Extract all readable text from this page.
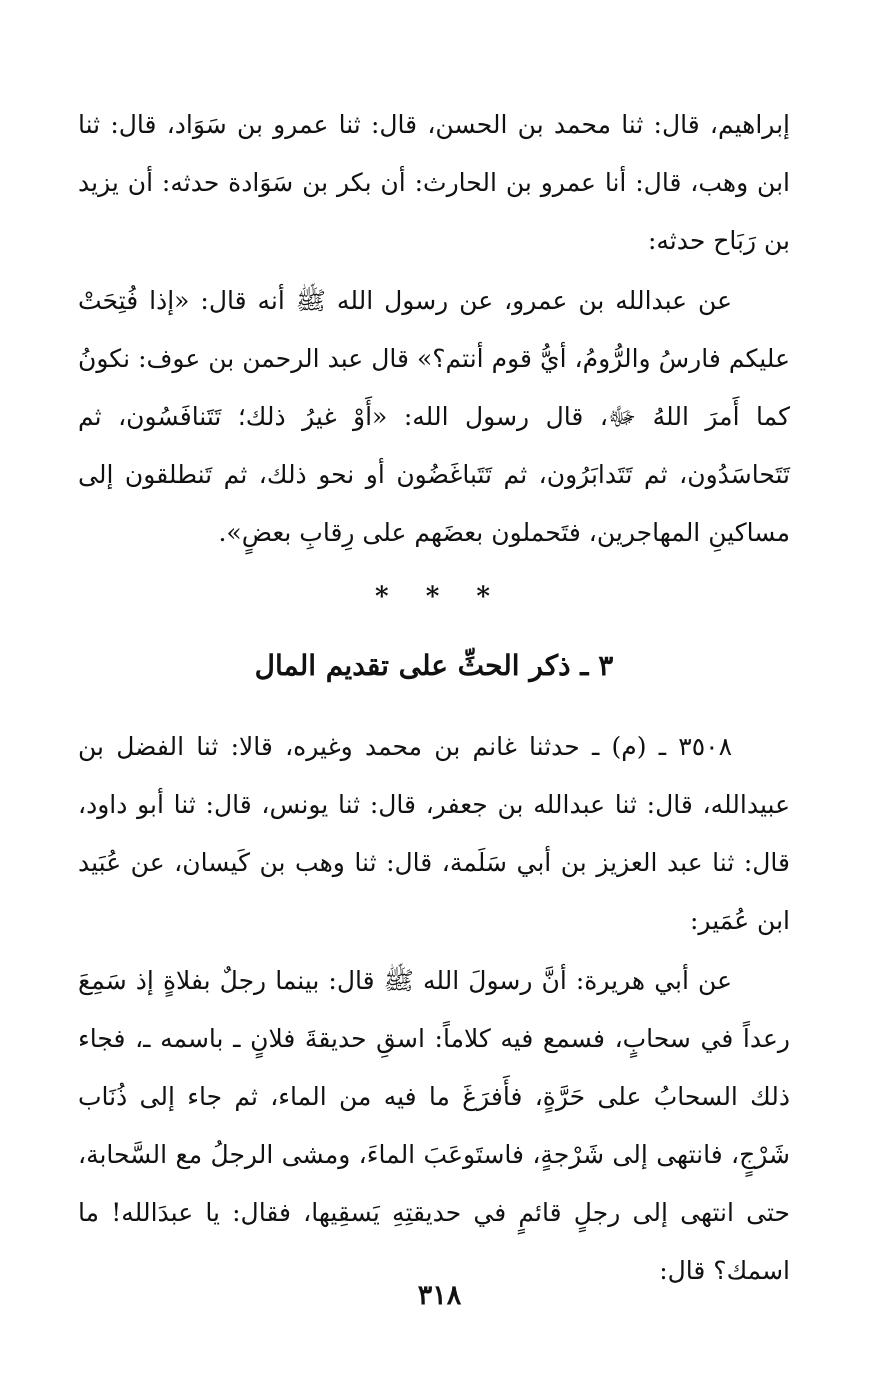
إبراهيم، قال: ثنا محمد بن الحسن، قال: ثنا عمرو بن سَوَاد، قال: ثنا ابن وهب، قال: أنا عمرو بن الحارث: أن بكر بن سَوَادة حدثه: أن يزيد بن رَبَاح حدثه:

عن عبدالله بن عمرو، عن رسول الله ﷺ أنه قال: «إذا فُتِحَتْ عليكم فارسُ والرُّومُ، أيُّ قوم أنتم؟» قال عبد الرحمن بن عوف: نكونُ كما أَمرَ اللهُ ﷻ، قال رسول الله: «أَوْ غيرُ ذلك؛ تَتَنافَسُون، ثم تَتَحاسَدُون، ثم تَتَدابَرُون، ثم تَتَباغَضُون أو نحو ذلك، ثم تَنطلقون إلى مساكينِ المهاجرين، فتَحملون بعضَهم على رِقابِ بعضٍ».

* * *
٣ ـ ذكر الحثِّ على تقديم المال

٣٥٠٨ ـ (م) ـ حدثنا غانم بن محمد وغيره، قالا: ثنا الفضل بن عبيدالله، قال: ثنا عبدالله بن جعفر، قال: ثنا يونس، قال: ثنا أبو داود، قال: ثنا عبد العزيز بن أبي سَلَمة، قال: ثنا وهب بن كَيسان، عن عُبَيد ابن عُمَير:

عن أبي هريرة: أنَّ رسولَ الله ﷺ قال: بينما رجلٌ بفلاةٍ إذ سَمِعَ رعداً في سحابٍ، فسمع فيه كلاماً: اسقِ حديقةَ فلانٍ ـ باسمه ـ، فجاء ذلك السحابُ على حَرَّةٍ، فأَفرَغَ ما فيه من الماء، ثم جاء إلى ذُنَاب شَرْجٍ، فانتهى إلى شَرْجةٍ، فاستَوعَبَ الماءَ، ومشى الرجلُ مع السَّحابة، حتى انتهى إلى رجلٍ قائمٍ في حديقتِهِ يَسقِيها، فقال: يا عبدَالله! ما اسمك؟ قال:

٣١٨
